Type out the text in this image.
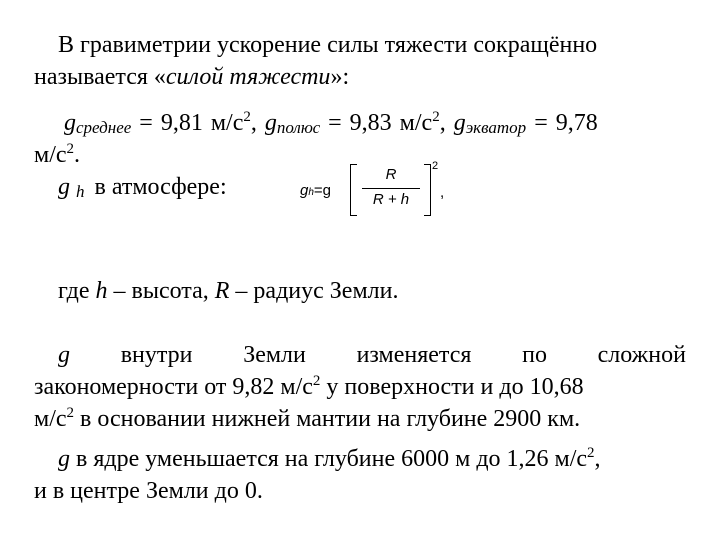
В гравиметрии ускорение силы тяжести сокращённо
называется «силой тяжести»:
gсреднее = 9,81 $м/с^2$, gполюс = 9,83 $м/с^2$, gэкватор = 9,78
$м/с^2$.
g h в атмосфере:	gh=g
R
R + h
2
,
где h – высота, R – радиус Земли.
g внутри Земли изменяется по сложной
закономерности от 9,82 $м/с^2$ у поверхности и до 10,68
$м/с^2$ в основании нижней мантии на глубине 2900 км.
g в ядре уменьшается на глубине 6000 м до 1,26 $м/с^2$,
и в центре Земли до 0.
